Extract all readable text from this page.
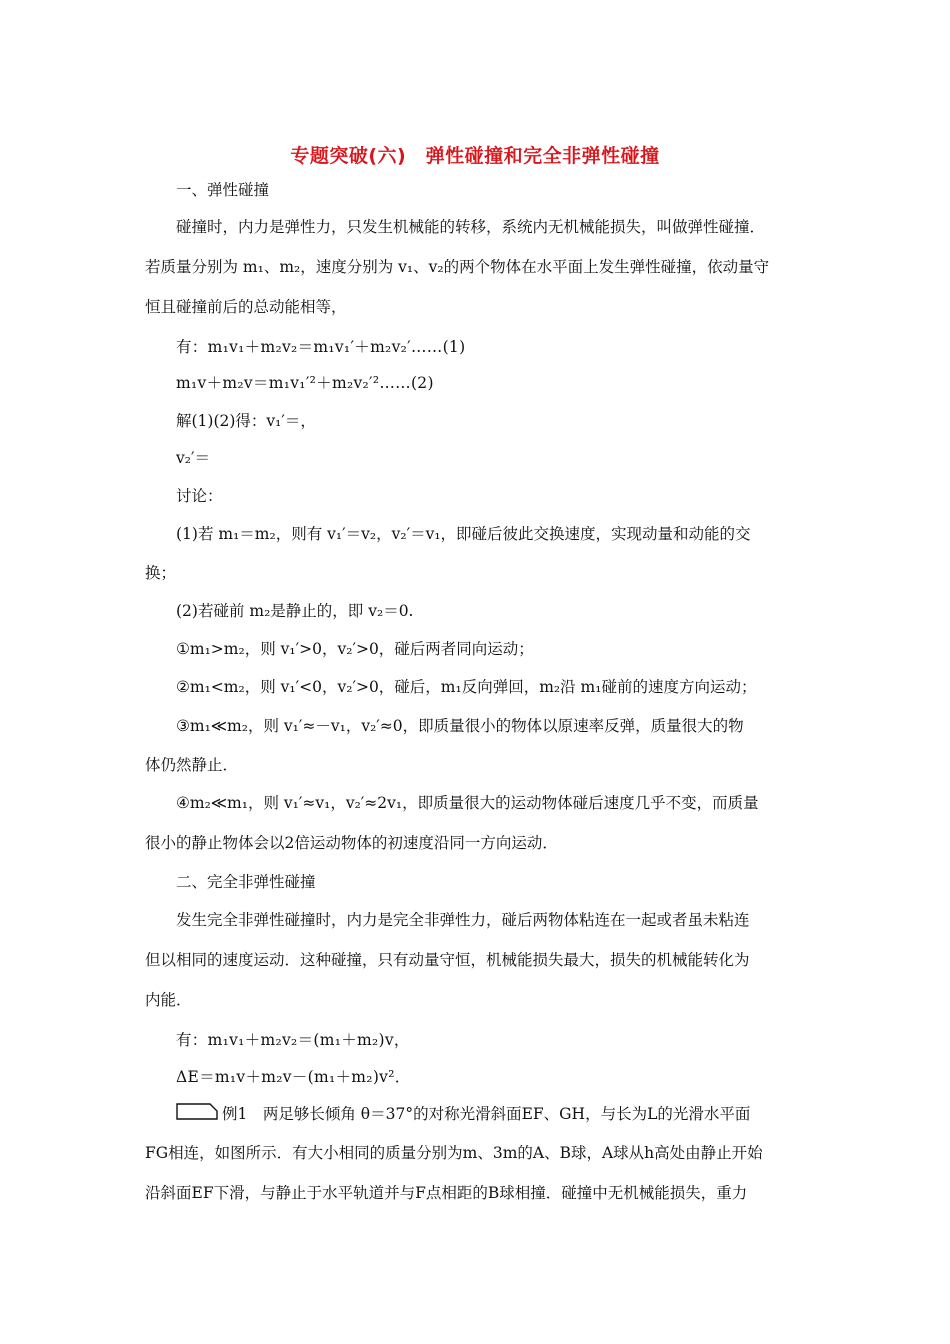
专题突破(六)　弹性碰撞和完全非弹性碰撞
一、弹性碰撞
碰撞时，内力是弹性力，只发生机械能的转移，系统内无机械能损失，叫做弹性碰撞．
若质量分别为 m₁、m₂，速度分别为 v₁、v₂的两个物体在水平面上发生弹性碰撞，依动量守
恒且碰撞前后的总动能相等，
有：m₁v₁＋m₂v₂＝m₁v₁′＋m₂v₂′……(1)
m₁v＋m₂v＝m₁v₁′²＋m₂v₂′²……(2)
解(1)(2)得：v₁′＝，
v₂′＝
讨论：
(1)若 m₁＝m₂，则有 v₁′＝v₂，v₂′＝v₁，即碰后彼此交换速度，实现动量和动能的交
换；
(2)若碰前 m₂是静止的，即 v₂＝0.
①m₁>m₂，则 v₁′>0，v₂′>0，碰后两者同向运动；
②m₁<m₂，则 v₁′<0，v₂′>0，碰后，m₁反向弹回，m₂沿 m₁碰前的速度方向运动；
③m₁≪m₂，则 v₁′≈－v₁，v₂′≈0，即质量很小的物体以原速率反弹，质量很大的物
体仍然静止．
④m₂≪m₁，则 v₁′≈v₁，v₂′≈2v₁，即质量很大的运动物体碰后速度几乎不变，而质量
很小的静止物体会以2倍运动物体的初速度沿同一方向运动．
二、完全非弹性碰撞
发生完全非弹性碰撞时，内力是完全非弹性力，碰后两物体粘连在一起或者虽未粘连
但以相同的速度运动．这种碰撞，只有动量守恒，机械能损失最大，损失的机械能转化为
内能．
有：m₁v₁＋m₂v₂＝(m₁＋m₂)v，
ΔE＝m₁v＋m₂v－(m₁＋m₂)v²．
例1　两足够长倾角 θ＝37°的对称光滑斜面EF、GH，与长为L的光滑水平面
FG相连，如图所示．有大小相同的质量分别为m、3m的A、B球，A球从h高处由静止开始
沿斜面EF下滑，与静止于水平轨道并与F点相距的B球相撞．碰撞中无机械能损失，重力
